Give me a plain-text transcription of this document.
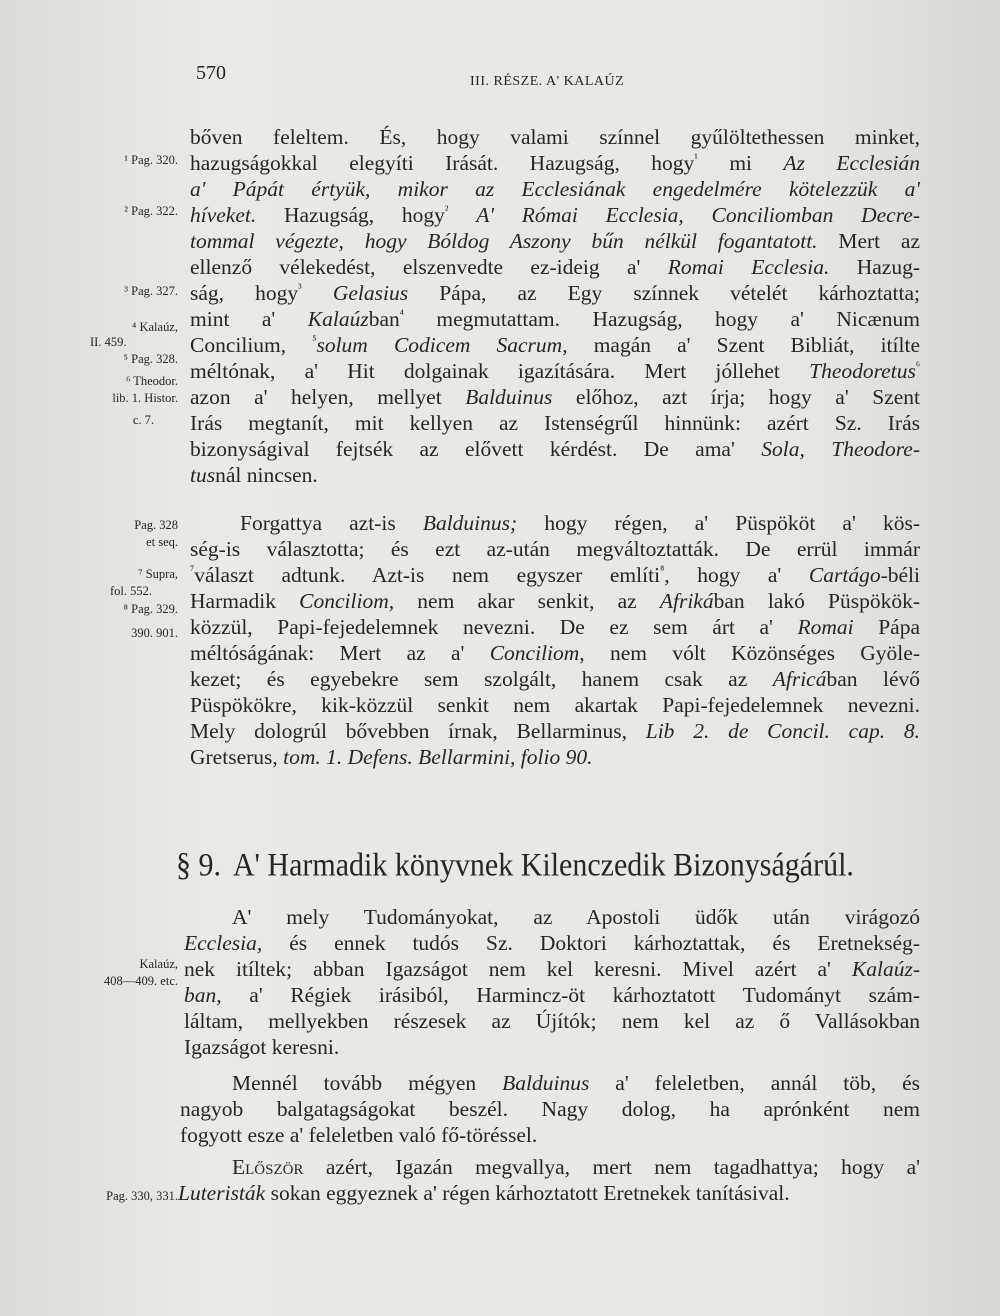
570	III. RÉSZE. A' KALAÚZ
¹ Pag. 320.
² Pag. 322.
³ Pag. 327.
⁴ Kalaúz,
II. 459.
⁵ Pag. 328.
⁶ Theodor.
lib. 1. Histor.
c. 7.
Pag. 328
et seq.
⁷ Supra,
fol. 552.
⁸ Pag. 329.
390. 901.
Kalaúz,
408—409. etc.
Pag. 330, 331.
bőven feleltem. És, hogy valami színnel gyűlöltethessen minket,
hazugságokkal elegyíti Irását. Hazugság, hogy$^{^1}$ mi Az Ecclesián
a' Pápát értyük, mikor az Ecclesiának engedelmére kötelezzük a'
híveket. Hazugság, hogy$^{^2}$ A' Római Ecclesia, Conciliomban Decre-
tommal végezte, hogy Bóldog Aszony bűn nélkül fogantatott. Mert az
ellenző vélekedést, elszenvedte ez-ideig a' Romai Ecclesia. Hazug-
ság, hogy$^{^3}$ Gelasius Pápa, az Egy színnek vételét kárhoztatta;
mint a' Kalaúzban$^{^4}$ megmutattam. Hazugság, hogy a' Nicænum
Concilium, $^{^5}$solum Codicem Sacrum, magán a' Szent Bibliát, itílte
méltónak, a' Hit dolgainak igazítására. Mert jóllehet Theodoretus$^{^6}$
azon a' helyen, mellyet Balduinus előhoz, azt írja; hogy a' Szent
Irás megtanít, mit kellyen az Istenségrűl hinnünk: azért Sz. Irás
bizonyságival fejtsék az elővett kérdést. De ama' Sola, Theodore-
tusnál nincsen.
Forgattya azt-is Balduinus; hogy régen, a' Püspököt a' kös-
ség-is választotta; és ezt az-után megváltoztatták. De errül immár
$^{^7}$választ adtunk. Azt-is nem egyszer említi$^{^8}$, hogy a' Cartágo-béli
Harmadik Conciliom, nem akar senkit, az Afrikában lakó Püspökök-
közzül, Papi-fejedelemnek nevezni. De ez sem árt a' Romai Pápa
méltóságának: Mert az a' Conciliom, nem vólt Közönséges Gyöle-
kezet; és egyebekre sem szolgált, hanem csak az Africában lévő
Püspökökre, kik-közzül senkit nem akartak Papi-fejedelemnek nevezni.
Mely dologrúl bővebben írnak, Bellarminus, Lib 2. de Concil. cap. 8.
Gretserus, tom. 1. Defens. Bellarmini, folio 90.
§ 9. A' Harmadik könyvnek Kilenczedik Bizonyságárúl.
A' mely Tudományokat, az Apostoli üdők után virágozó
Ecclesia, és ennek tudós Sz. Doktori kárhoztattak, és Eretnekség-
nek itíltek; abban Igazságot nem kel keresni. Mivel azért a' Kalaúz-
ban, a' Régiek irásiból, Harmincz-öt kárhoztatott Tudományt szám-
láltam, mellyekben részesek az Újítók; nem kel az ő Vallásokban
Igazságot keresni.
Mennél tovább mégyen Balduinus a' feleletben, annál töb, és
nagyob balgatagságokat beszél. Nagy dolog, ha aprónként nem
fogyott esze a' feleletben való fő-töréssel.
Először azért, Igazán megvallya, mert nem tagadhattya; hogy a'
Luteristák sokan eggyeznek a' régen kárhoztatott Eretnekek tanításival.
